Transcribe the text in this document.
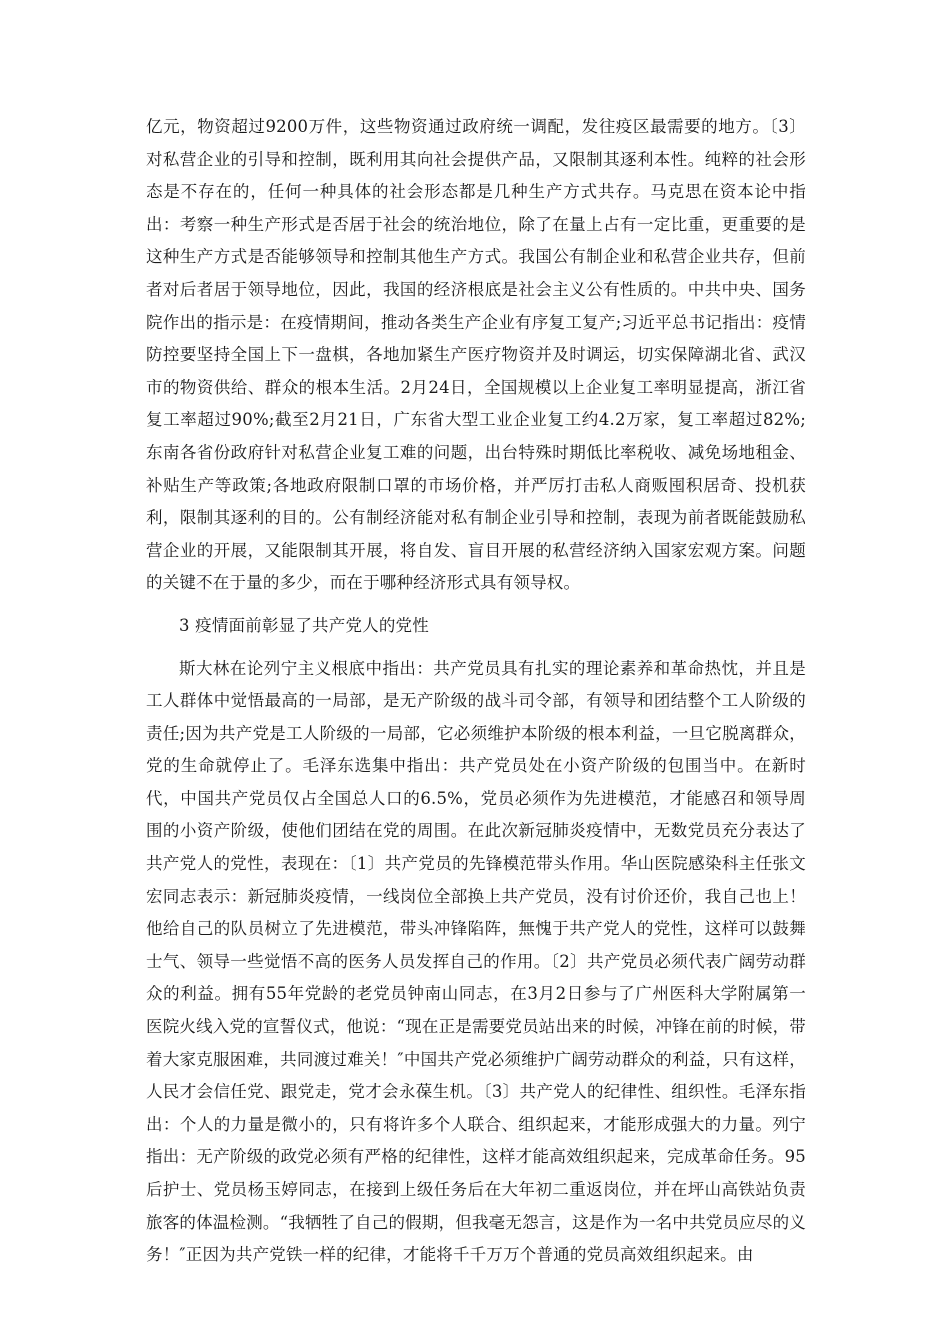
亿元，物资超过9200万件，这些物资通过政府统一调配，发往疫区最需要的地方。〔3〕对私营企业的引导和控制，既利用其向社会提供产品，又限制其逐利本性。纯粹的社会形态是不存在的，任何一种具体的社会形态都是几种生产方式共存。马克思在资本论中指出：考察一种生产形式是否居于社会的统治地位，除了在量上占有一定比重，更重要的是这种生产方式是否能够领导和控制其他生产方式。我国公有制企业和私营企业共存，但前者对后者居于领导地位，因此，我国的经济根底是社会主义公有性质的。中共中央、国务院作出的指示是：在疫情期间，推动各类生产企业有序复工复产;习近平总书记指出：疫情防控要坚持全国上下一盘棋，各地加紧生产医疗物资并及时调运，切实保障湖北省、武汉市的物资供给、群众的根本生活。2月24日，全国规模以上企业复工率明显提高，浙江省复工率超过90%;截至2月21日，广东省大型工业企业复工约4.2万家，复工率超过82%;东南各省份政府针对私营企业复工难的问题，出台特殊时期低比率税收、减免场地租金、补贴生产等政策;各地政府限制口罩的市场价格，并严厉打击私人商贩囤积居奇、投机获利，限制其逐利的目的。公有制经济能对私有制企业引导和控制，表现为前者既能鼓励私营企业的开展，又能限制其开展，将自发、盲目开展的私营经济纳入国家宏观方案。问题的关键不在于量的多少，而在于哪种经济形式具有领导权。

3 疫情面前彰显了共产党人的党性

斯大林在论列宁主义根底中指出：共产党员具有扎实的理论素养和革命热忱，并且是工人群体中觉悟最高的一局部，是无产阶级的战斗司令部，有领导和团结整个工人阶级的责任;因为共产党是工人阶级的一局部，它必须维护本阶级的根本利益，一旦它脱离群众，党的生命就停止了。毛泽东选集中指出：共产党员处在小资产阶级的包围当中。在新时代，中国共产党员仅占全国总人口的6.5%，党员必须作为先进模范，才能感召和领导周围的小资产阶级，使他们团结在党的周围。在此次新冠肺炎疫情中，无数党员充分表达了共产党人的党性，表现在：〔1〕共产党员的先锋模范带头作用。华山医院感染科主任张文宏同志表示：新冠肺炎疫情，一线岗位全部换上共产党员，没有讨价还价，我自己也上！他给自己的队员树立了先进模范，带头冲锋陷阵，無愧于共产党人的党性，这样可以鼓舞士气、领导一些觉悟不高的医务人员发挥自己的作用。〔2〕共产党员必须代表广阔劳动群众的利益。拥有55年党龄的老党员钟南山同志，在3月2日参与了广州医科大学附属第一医院火线入党的宣誓仪式，他说：“现在正是需要党员站出来的时候，冲锋在前的时候，带着大家克服困难，共同渡过难关！″中国共产党必须维护广阔劳动群众的利益，只有这样，人民才会信任党、跟党走，党才会永葆生机。〔3〕共产党人的纪律性、组织性。毛泽东指出：个人的力量是微小的，只有将许多个人联合、组织起来，才能形成强大的力量。列宁指出：无产阶级的政党必须有严格的纪律性，这样才能高效组织起来，完成革命任务。95后护士、党员杨玉婷同志，在接到上级任务后在大年初二重返岗位，并在坪山高铁站负责旅客的体温检测。“我牺牲了自己的假期，但我毫无怨言，这是作为一名中共党员应尽的义务！″正因为共产党铁一样的纪律，才能将千千万万个普通的党员高效组织起来。由
